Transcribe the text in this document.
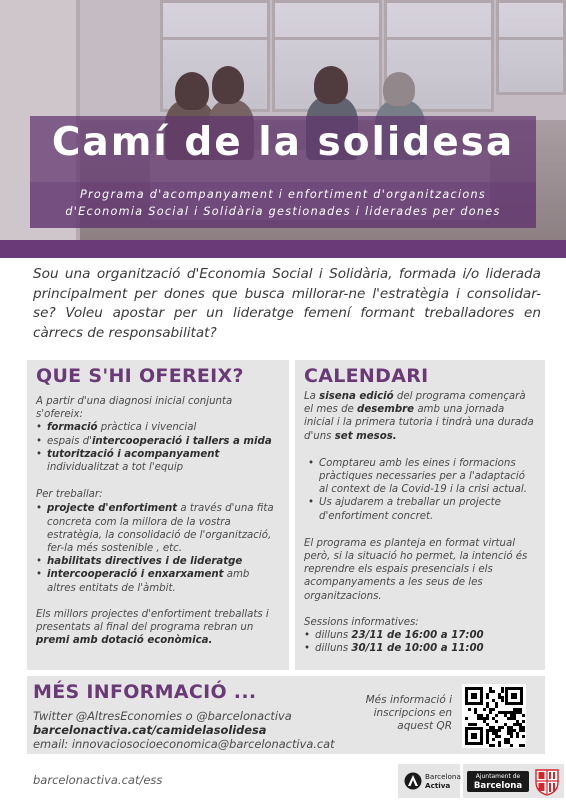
Camí de la solidesa
Programa d'acompanyament i enfortiment d'organitzacions
d'Economia Social i Solidària gestionades i liderades per dones

Sou una organització d'Economia Social i Solidària, formada i/o liderada principalment per dones que busca millorar-ne l'estratègia i consolidar-se? Voleu apostar per un lideratge femení formant treballadores en càrrecs de responsabilitat?

QUE S'HI OFEREIX?

A partir d'una diagnosi inicial conjunta s'ofereix:

• formació pràctica i vivencial
• espais d'intercooperació i tallers a mida
• tutorització i acompanyament individualitzat a tot l'equip

Per treballar:

• projecte d'enfortiment a través d'una fita concreta com la millora de la vostra estratègia, la consolidació de l'organització, fer-la més sostenible , etc.
• habilitats directives i de lideratge
• intercooperació i enxarxament amb altres entitats de l'àmbit.

Els millors projectes d'enfortiment treballats i presentats al final del programa rebran un premi amb dotació econòmica.

CALENDARI

La sisena edició del programa començarà el mes de desembre amb una jornada inicial i la primera tutoria i tindrà una durada d'uns set mesos.

• Comptareu amb les eines i formacions pràctiques necessaries per a l'adaptació al context de la Covid-19 i la crisi actual.
• Us ajudarem a treballar un projecte d'enfortiment concret.

El programa es planteja en format virtual però, si la situació ho permet, la intenció és reprendre els espais presencials i els acompanyaments a les seus de les organitzacions.

Sessions informatives:

• dilluns 23/11 de 16:00 a 17:00
• dilluns 30/11 de 10:00 a 11:00
MÉS INFORMACIÓ ...
Twitter @AltresEconomies o @barcelonactiva
barcelonactiva.cat/camidelasolidesa
email: innovaciosocioeconomica@barcelonactiva.cat
Més informació i
inscripcions en
aquest QR
barcelonactiva.cat/ess	Barcelona
Activa
Ajuntament de
Barcelona
